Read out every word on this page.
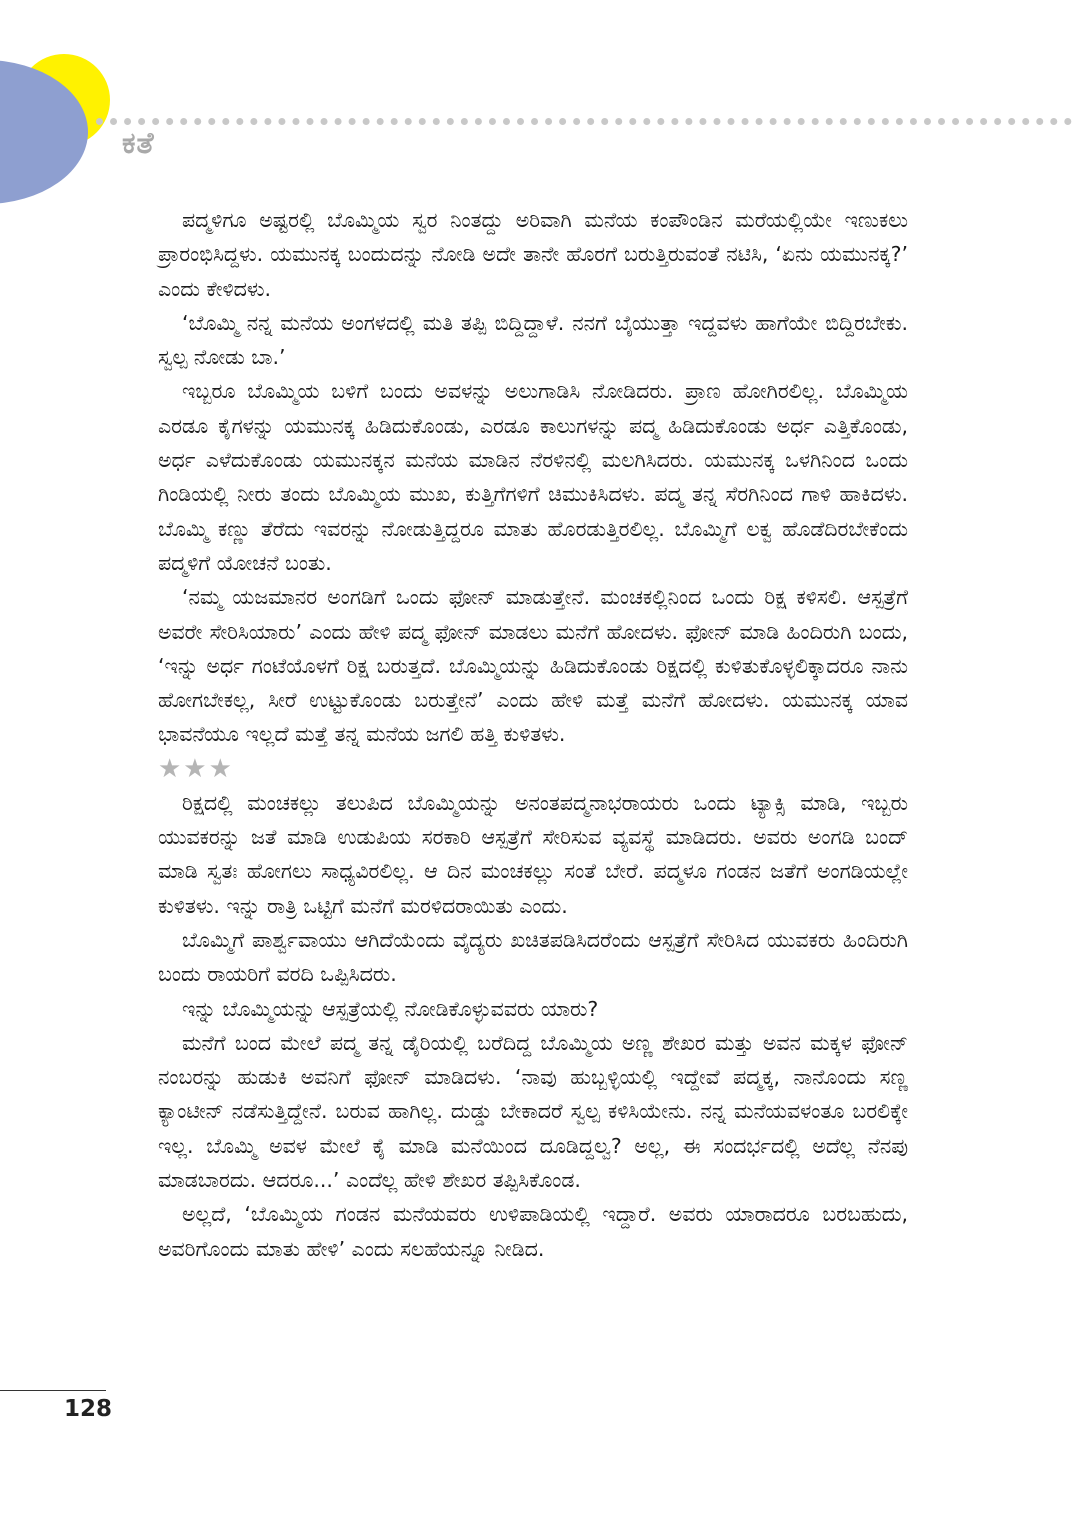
ಕತೆ

ಪದ್ಮಳಿಗೂ ಅಷ್ಟರಲ್ಲಿ ಬೊಮ್ಮಿಯ ಸ್ವರ ನಿಂತದ್ದು ಅರಿವಾಗಿ ಮನೆಯ ಕಂಪೌಂಡಿನ ಮರೆಯಲ್ಲಿಯೇ ಇಣುಕಲು ಪ್ರಾರಂಭಿಸಿದ್ದಳು. ಯಮುನಕ್ಕ ಬಂದುದನ್ನು ನೋಡಿ ಅದೇ ತಾನೇ ಹೊರಗೆ ಬರುತ್ತಿರುವಂತೆ ನಟಿಸಿ, ‘ಏನು ಯಮುನಕ್ಕ?’ ಎಂದು ಕೇಳಿದಳು.

‘ಬೊಮ್ಮಿ ನನ್ನ ಮನೆಯ ಅಂಗಳದಲ್ಲಿ ಮತಿ ತಪ್ಪಿ ಬಿದ್ದಿದ್ದಾಳೆ. ನನಗೆ ಬೈಯುತ್ತಾ ಇದ್ದವಳು ಹಾಗೆಯೇ ಬಿದ್ದಿರಬೇಕು. ಸ್ವಲ್ಪ ನೋಡು ಬಾ.’

ಇಬ್ಬರೂ ಬೊಮ್ಮಿಯ ಬಳಿಗೆ ಬಂದು ಅವಳನ್ನು ಅಲುಗಾಡಿಸಿ ನೋಡಿದರು. ಪ್ರಾಣ ಹೋಗಿರಲಿಲ್ಲ. ಬೊಮ್ಮಿಯ ಎರಡೂ ಕೈಗಳನ್ನು ಯಮುನಕ್ಕ ಹಿಡಿದುಕೊಂಡು, ಎರಡೂ ಕಾಲುಗಳನ್ನು ಪದ್ಮ ಹಿಡಿದುಕೊಂಡು ಅರ್ಧ ಎತ್ತಿಕೊಂಡು, ಅರ್ಧ ಎಳೆದುಕೊಂಡು ಯಮುನಕ್ಕನ ಮನೆಯ ಮಾಡಿನ ನೆರಳಿನಲ್ಲಿ ಮಲಗಿಸಿದರು. ಯಮುನಕ್ಕ ಒಳಗಿನಿಂದ ಒಂದು ಗಿಂಡಿಯಲ್ಲಿ ನೀರು ತಂದು ಬೊಮ್ಮಿಯ ಮುಖ, ಕುತ್ತಿಗೆಗಳಿಗೆ ಚಿಮುಕಿಸಿದಳು. ಪದ್ಮ ತನ್ನ ಸೆರಗಿನಿಂದ ಗಾಳಿ ಹಾಕಿದಳು. ಬೊಮ್ಮಿ ಕಣ್ಣು ತೆರೆದು ಇವರನ್ನು ನೋಡುತ್ತಿದ್ದರೂ ಮಾತು ಹೊರಡುತ್ತಿರಲಿಲ್ಲ. ಬೊಮ್ಮಿಗೆ ಲಕ್ವ ಹೊಡೆದಿರಬೇಕೆಂದು ಪದ್ಮಳಿಗೆ ಯೋಚನೆ ಬಂತು.

‘ನಮ್ಮ ಯಜಮಾನರ ಅಂಗಡಿಗೆ ಒಂದು ಫೋನ್ ಮಾಡುತ್ತೇನೆ. ಮಂಚಕಲ್ಲಿನಿಂದ ಒಂದು ರಿಕ್ಷ ಕಳಿಸಲಿ. ಆಸ್ಪತ್ರೆಗೆ ಅವರೇ ಸೇರಿಸಿಯಾರು’ ಎಂದು ಹೇಳಿ ಪದ್ಮ ಫೋನ್ ಮಾಡಲು ಮನೆಗೆ ಹೋದಳು. ಫೋನ್ ಮಾಡಿ ಹಿಂದಿರುಗಿ ಬಂದು, ‘ಇನ್ನು ಅರ್ಧ ಗಂಟೆಯೊಳಗೆ ರಿಕ್ಷ ಬರುತ್ತದೆ. ಬೊಮ್ಮಿಯನ್ನು ಹಿಡಿದುಕೊಂಡು ರಿಕ್ಷದಲ್ಲಿ ಕುಳಿತುಕೊಳ್ಳಲಿಕ್ಕಾದರೂ ನಾನು ಹೋಗಬೇಕಲ್ಲ, ಸೀರೆ ಉಟ್ಟುಕೊಂಡು ಬರುತ್ತೇನೆ’ ಎಂದು ಹೇಳಿ ಮತ್ತೆ ಮನೆಗೆ ಹೋದಳು. ಯಮುನಕ್ಕ ಯಾವ ಭಾವನೆಯೂ ಇಲ್ಲದೆ ಮತ್ತೆ ತನ್ನ ಮನೆಯ ಜಗಲಿ ಹತ್ತಿ ಕುಳಿತಳು.

★★★

ರಿಕ್ಷದಲ್ಲಿ ಮಂಚಕಲ್ಲು ತಲುಪಿದ ಬೊಮ್ಮಿಯನ್ನು ಅನಂತಪದ್ಮನಾಭರಾಯರು ಒಂದು ಟ್ಯಾಕ್ಸಿ ಮಾಡಿ, ಇಬ್ಬರು ಯುವಕರನ್ನು ಜತೆ ಮಾಡಿ ಉಡುಪಿಯ ಸರಕಾರಿ ಆಸ್ಪತ್ರೆಗೆ ಸೇರಿಸುವ ವ್ಯವಸ್ಥೆ ಮಾಡಿದರು. ಅವರು ಅಂಗಡಿ ಬಂದ್ ಮಾಡಿ ಸ್ವತಃ ಹೋಗಲು ಸಾಧ್ಯವಿರಲಿಲ್ಲ. ಆ ದಿನ ಮಂಚಕಲ್ಲು ಸಂತೆ ಬೇರೆ. ಪದ್ಮಳೂ ಗಂಡನ ಜತೆಗೆ ಅಂಗಡಿಯಲ್ಲೇ ಕುಳಿತಳು. ಇನ್ನು ರಾತ್ರಿ ಒಟ್ಟಿಗೆ ಮನೆಗೆ ಮರಳಿದರಾಯಿತು ಎಂದು.

ಬೊಮ್ಮಿಗೆ ಪಾರ್ಶ್ವವಾಯು ಆಗಿದೆಯೆಂದು ವೈದ್ಯರು ಖಚಿತಪಡಿಸಿದರೆಂದು ಆಸ್ಪತ್ರೆಗೆ ಸೇರಿಸಿದ ಯುವಕರು ಹಿಂದಿರುಗಿ ಬಂದು ರಾಯರಿಗೆ ವರದಿ ಒಪ್ಪಿಸಿದರು.

ಇನ್ನು ಬೊಮ್ಮಿಯನ್ನು ಆಸ್ಪತ್ರೆಯಲ್ಲಿ ನೋಡಿಕೊಳ್ಳುವವರು ಯಾರು?

ಮನೆಗೆ ಬಂದ ಮೇಲೆ ಪದ್ಮ ತನ್ನ ಡೈರಿಯಲ್ಲಿ ಬರೆದಿದ್ದ ಬೊಮ್ಮಿಯ ಅಣ್ಣ ಶೇಖರ ಮತ್ತು ಅವನ ಮಕ್ಕಳ ಫೋನ್ ನಂಬರನ್ನು ಹುಡುಕಿ ಅವನಿಗೆ ಫೋನ್ ಮಾಡಿದಳು. ‘ನಾವು ಹುಬ್ಬಳ್ಳಿಯಲ್ಲಿ ಇದ್ದೇವೆ ಪದ್ಮಕ್ಕ, ನಾನೊಂದು ಸಣ್ಣ ಕ್ಯಾಂಟೀನ್ ನಡೆಸುತ್ತಿದ್ದೇನೆ. ಬರುವ ಹಾಗಿಲ್ಲ. ದುಡ್ಡು ಬೇಕಾದರೆ ಸ್ವಲ್ಪ ಕಳಿಸಿಯೇನು. ನನ್ನ ಮನೆಯವಳಂತೂ ಬರಲಿಕ್ಕೇ ಇಲ್ಲ. ಬೊಮ್ಮಿ ಅವಳ ಮೇಲೆ ಕೈ ಮಾಡಿ ಮನೆಯಿಂದ ದೂಡಿದ್ದಲ್ವ? ಅಲ್ಲ, ಈ ಸಂದರ್ಭದಲ್ಲಿ ಅದೆಲ್ಲ ನೆನಪು ಮಾಡಬಾರದು. ಆದರೂ...’ ಎಂದೆಲ್ಲ ಹೇಳಿ ಶೇಖರ ತಪ್ಪಿಸಿಕೊಂಡ.

ಅಲ್ಲದೆ, ‘ಬೊಮ್ಮಿಯ ಗಂಡನ ಮನೆಯವರು ಉಳಿಪಾಡಿಯಲ್ಲಿ ಇದ್ದಾರೆ. ಅವರು ಯಾರಾದರೂ ಬರಬಹುದು, ಅವರಿಗೊಂದು ಮಾತು ಹೇಳಿ’ ಎಂದು ಸಲಹೆಯನ್ನೂ ನೀಡಿದ.

128
